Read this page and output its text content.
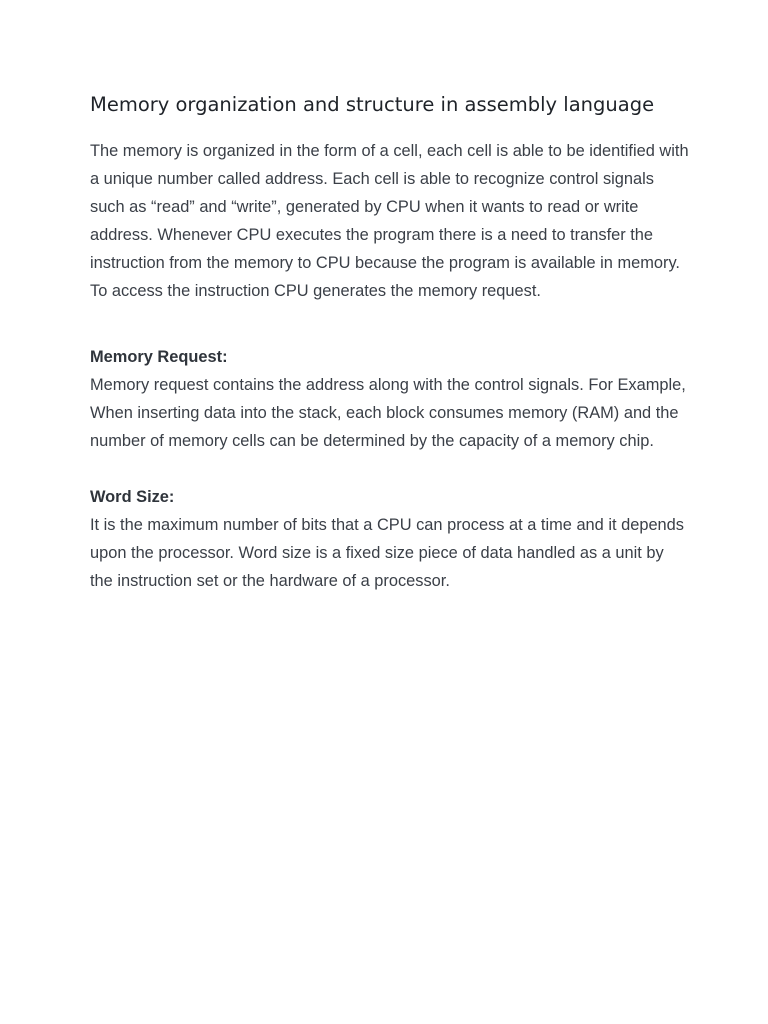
Memory organization and structure in assembly language

The memory is organized in the form of a cell, each cell is able to be identified with a unique number called address. Each cell is able to recognize control signals such as “read” and “write”, generated by CPU when it wants to read or write address. Whenever CPU executes the program there is a need to transfer the instruction from the memory to CPU because the program is available in memory. To access the instruction CPU generates the memory request.

Memory Request:

Memory request contains the address along with the control signals. For Example, When inserting data into the stack, each block consumes memory (RAM) and the number of memory cells can be determined by the capacity of a memory chip.

Word Size:

It is the maximum number of bits that a CPU can process at a time and it depends upon the processor. Word size is a fixed size piece of data handled as a unit by the instruction set or the hardware of a processor.
